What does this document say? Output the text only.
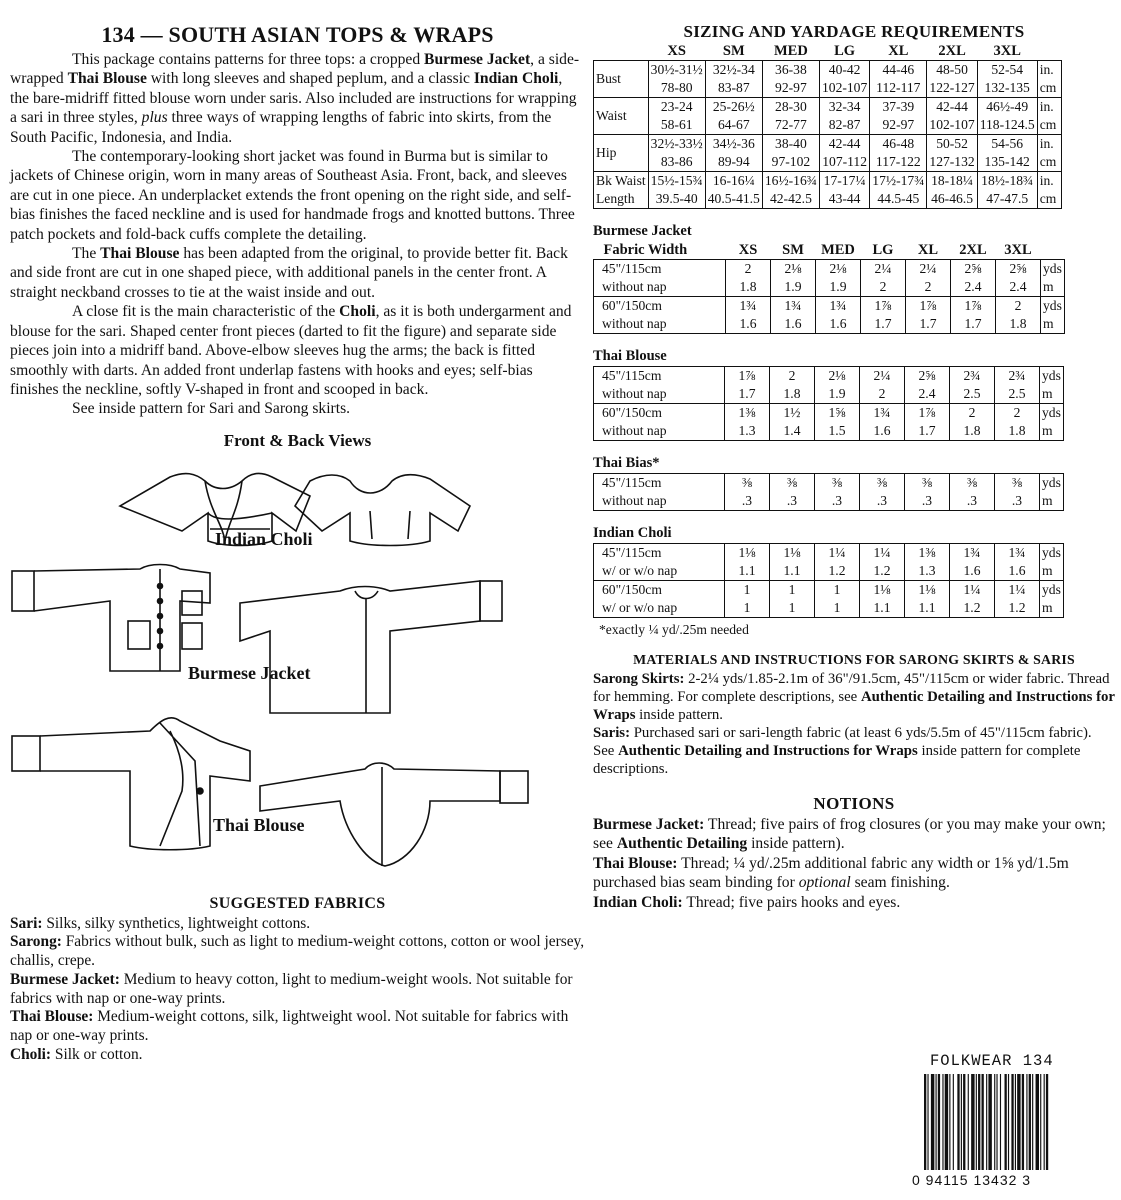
134 — SOUTH ASIAN TOPS & WRAPS

This package contains patterns for three tops: a cropped Burmese Jacket, a side-wrapped Thai Blouse with long sleeves and shaped peplum, and a classic Indian Choli, the bare-midriff fitted blouse worn under saris. Also included are instructions for wrapping a sari in three styles, plus three ways of wrapping lengths of fabric into skirts, from the South Pacific, Indonesia, and India.

The contemporary-looking short jacket was found in Burma but is similar to jackets of Chinese origin, worn in many areas of Southeast Asia. Front, back, and sleeves are cut in one piece. An underplacket extends the front opening on the right side, and self-bias finishes the faced neckline and is used for handmade frogs and knotted buttons. Three patch pockets and fold-back cuffs complete the detailing.

The Thai Blouse has been adapted from the original, to provide better fit. Back and side front are cut in one shaped piece, with additional panels in the center front. A straight neckband crosses to tie at the waist inside and out.

A close fit is the main characteristic of the Choli, as it is both undergarment and blouse for the sari. Shaped center front pieces (darted to fit the figure) and separate side pieces join into a midriff band. Above-elbow sleeves hug the arms; the back is fitted smoothly with darts. An added front underlap fastens with hooks and eyes; self-bias finishes the neckline, softly V-shaped in front and scooped in back.

See inside pattern for Sari and Sarong skirts.

Front & Back Views
Indian Choli
Burmese Jacket
Thai Blouse
SUGGESTED FABRICS
Sari: Silks, silky synthetics, lightweight cottons.
Sarong: Fabrics without bulk, such as light to medium-weight cottons, cotton or wool jersey, challis, crepe.
Burmese Jacket: Medium to heavy cotton, light to medium-weight wools. Not suitable for fabrics with nap or one-way prints.
Thai Blouse: Medium-weight cottons, silk, lightweight wool. Not suitable for fabrics with nap or one-way prints.
Choli: Silk or cotton.
SIZING AND YARDAGE REQUIREMENTS
	XS	SM	MED	LG	XL	2XL	3XL	
Bust	30½-31½	32½-34	36-38	40-42	44-46	48-50	52-54	in.
	78-80	83-87	92-97	102-107	112-117	122-127	132-135	cm
Waist	23-24	25-26½	28-30	32-34	37-39	42-44	46½-49	in.
	58-61	64-67	72-77	82-87	92-97	102-107	118-124.5	cm
Hip	32½-33½	34½-36	38-40	42-44	46-48	50-52	54-56	in.
	83-86	89-94	97-102	107-112	117-122	127-132	135-142	cm
Bk Waist	15½-15¾	16-16¼	16½-16¾	17-17¼	17½-17¾	18-18¼	18½-18¾	in.
Length	39.5-40	40.5-41.5	42-42.5	43-44	44.5-45	46-46.5	47-47.5	cm
Burmese Jacket
Fabric Width	XS	SM	MED	LG	XL	2XL	3XL	
45"/115cm	2	2⅛	2⅛	2¼	2¼	2⅝	2⅝	yds
without nap	1.8	1.9	1.9	2	2	2.4	2.4	m
60"/150cm	1¾	1¾	1¾	1⅞	1⅞	1⅞	2	yds
without nap	1.6	1.6	1.6	1.7	1.7	1.7	1.8	m
Thai Blouse
45"/115cm	1⅞	2	2⅛	2¼	2⅝	2¾	2¾	yds
without nap	1.7	1.8	1.9	2	2.4	2.5	2.5	m
60"/150cm	1⅜	1½	1⅝	1¾	1⅞	2	2	yds
without nap	1.3	1.4	1.5	1.6	1.7	1.8	1.8	m
Thai Bias*
45"/115cm	⅜	⅜	⅜	⅜	⅜	⅜	⅜	yds
without nap	.3	.3	.3	.3	.3	.3	.3	m
Indian Choli
45"/115cm	1⅛	1⅛	1¼	1¼	1⅜	1¾	1¾	yds
w/ or w/o nap	1.1	1.1	1.2	1.2	1.3	1.6	1.6	m
60"/150cm	1	1	1	1⅛	1⅛	1¼	1¼	yds
w/ or w/o nap	1	1	1	1.1	1.1	1.2	1.2	m
*exactly ¼ yd/.25m needed
MATERIALS AND INSTRUCTIONS FOR SARONG SKIRTS & SARIS
Sarong Skirts: 2-2¼ yds/1.85-2.1m of 36"/91.5cm, 45"/115cm or wider fabric. Thread for hemming. For complete descriptions, see Authentic Detailing and Instructions for Wraps inside pattern.
Saris: Purchased sari or sari-length fabric (at least 6 yds/5.5m of 45"/115cm fabric). See Authentic Detailing and Instructions for Wraps inside pattern for complete descriptions.
NOTIONS
Burmese Jacket: Thread; five pairs of frog closures (or you may make your own; see Authentic Detailing inside pattern).
Thai Blouse: Thread; ¼ yd/.25m additional fabric any width or 1⅝ yd/1.5m purchased bias seam binding for optional seam finishing.
Indian Choli: Thread; five pairs hooks and eyes.
FOLKWEAR 134
0 94115 13432 3
